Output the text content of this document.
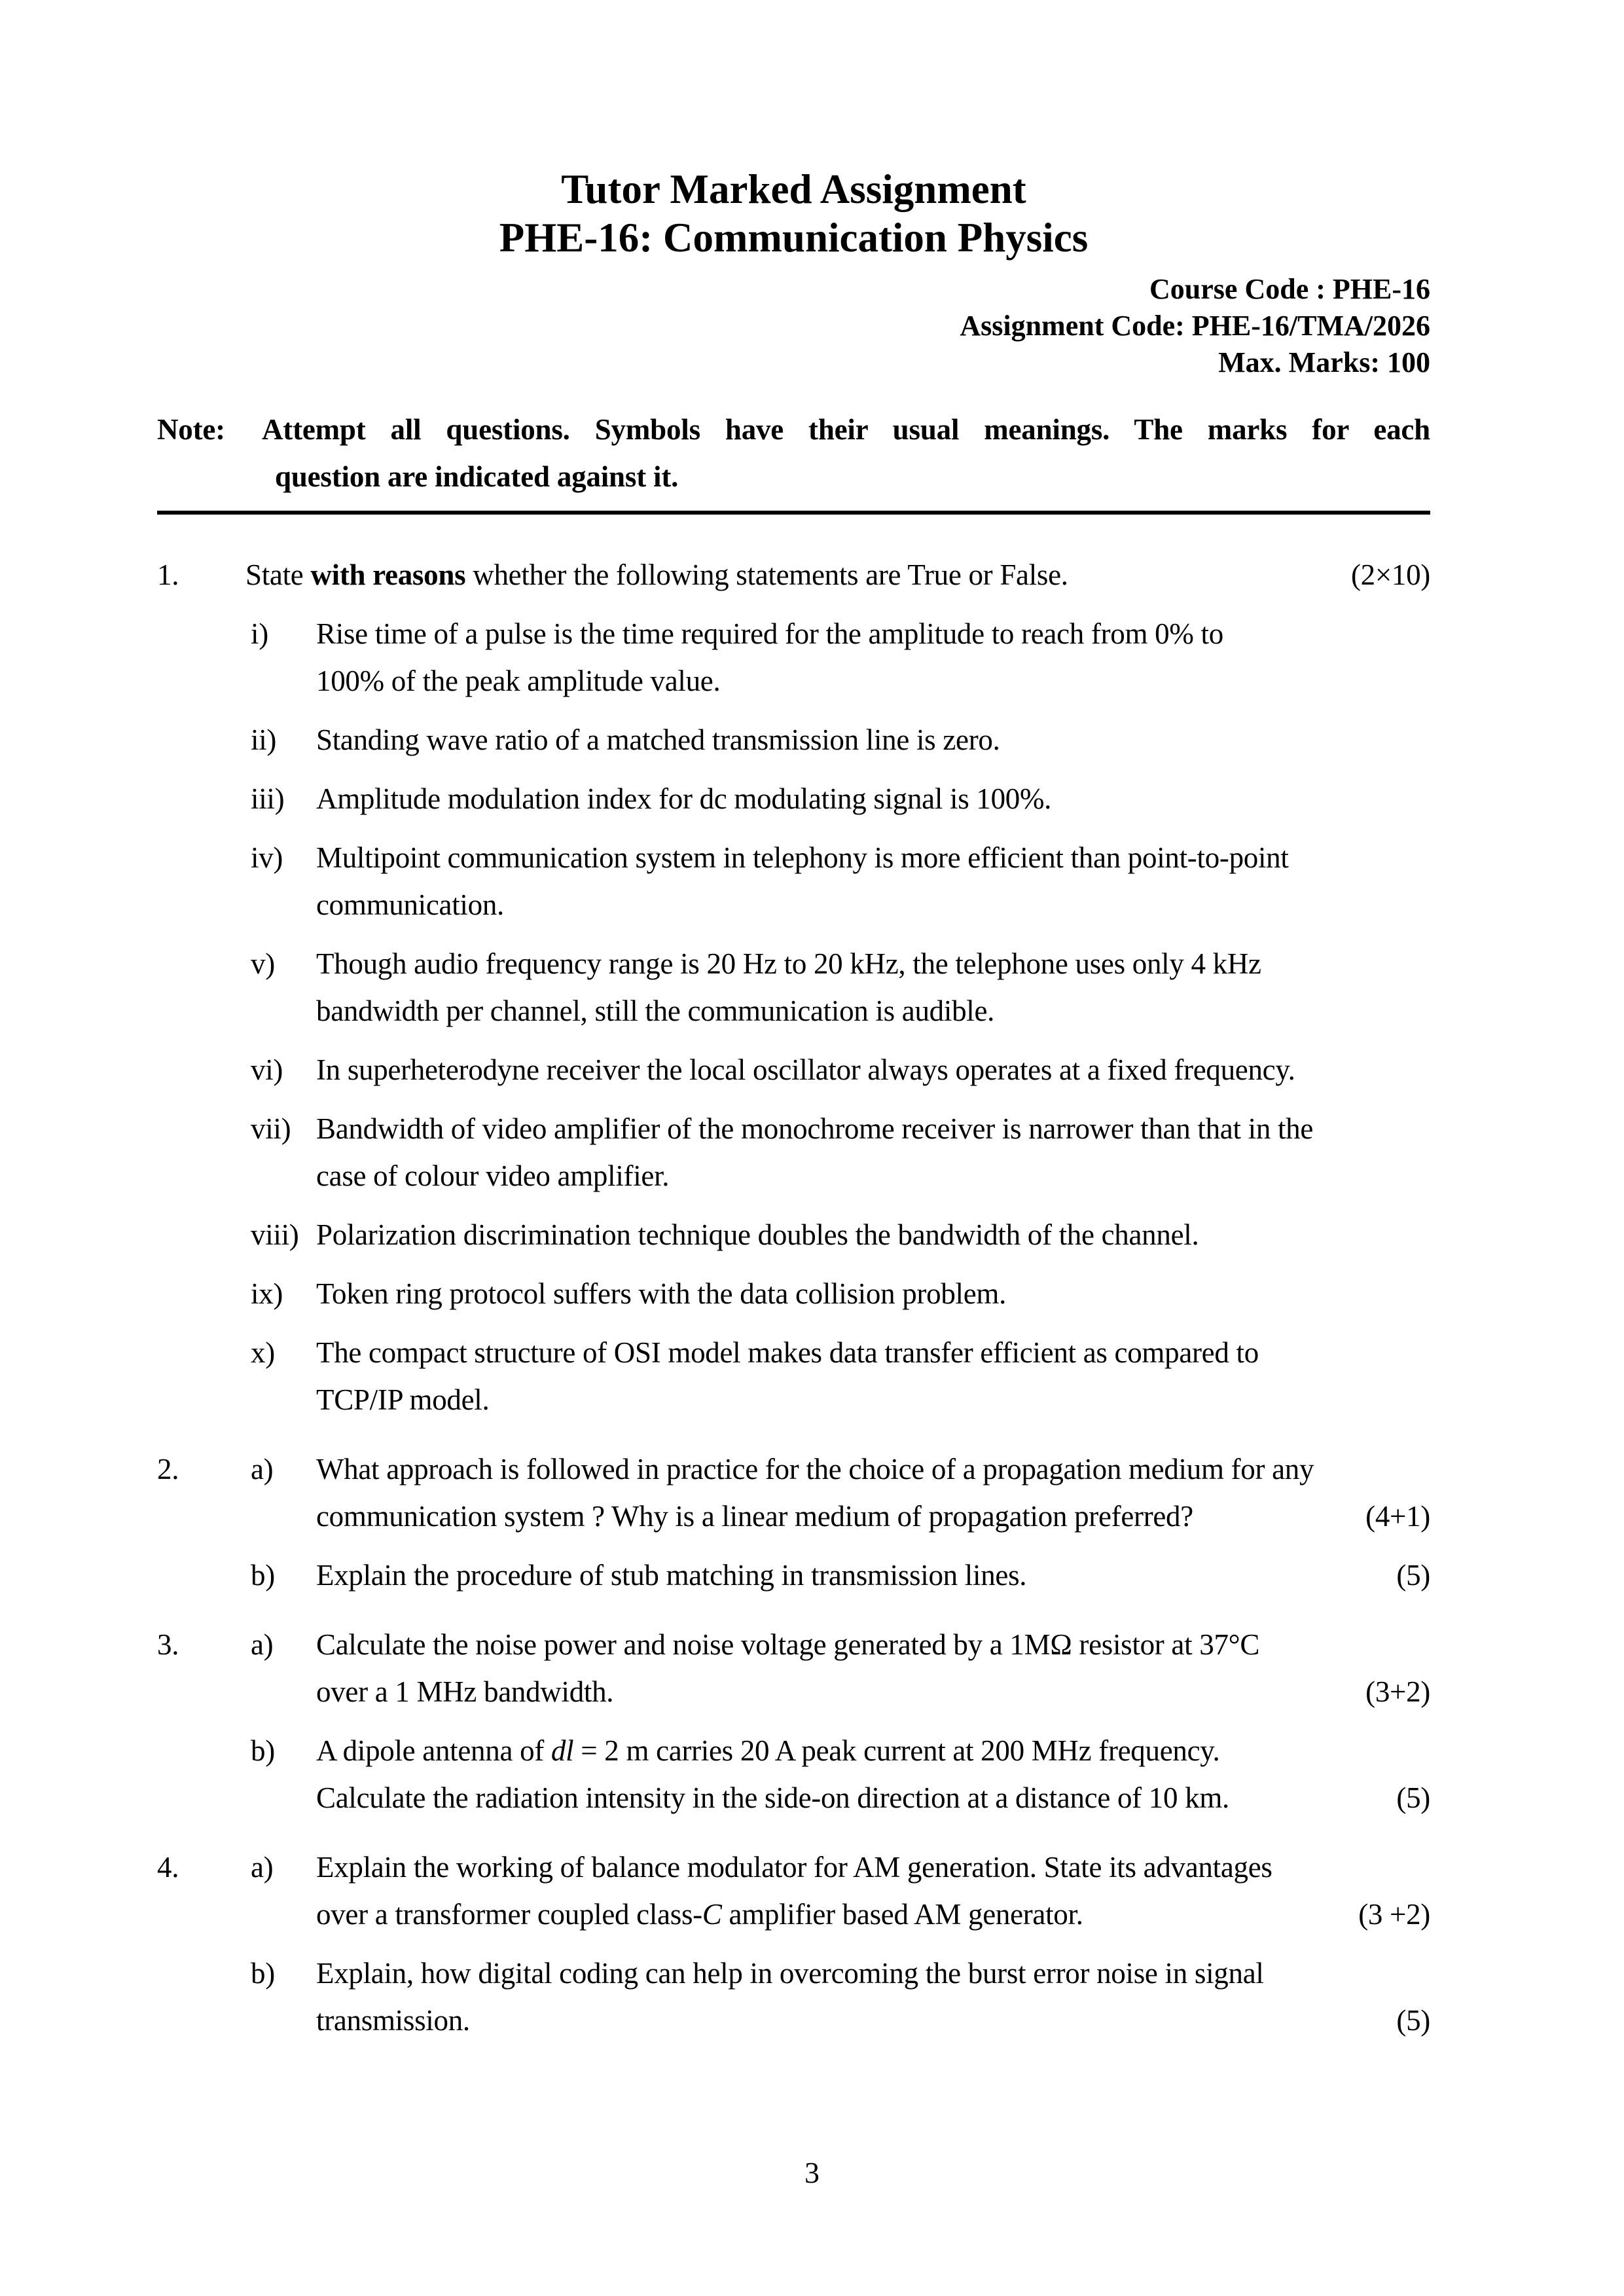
Tutor Marked Assignment
PHE-16: Communication Physics
Course Code : PHE-16
Assignment Code: PHE-16/TMA/2026
Max. Marks: 100
Note:	Attempt all questions. Symbols have their usual meanings. The marks for each
question are indicated against it.
1.	State with reasons whether the following statements are True or False.	(2×10)
i)	Rise time of a pulse is the time required for the amplitude to reach from 0% to
100% of the peak amplitude value.
ii)	Standing wave ratio of a matched transmission line is zero.
iii)	Amplitude modulation index for dc modulating signal is 100%.
iv)	Multipoint communication system in telephony is more efficient than point-to-point
communication.
v)	Though audio frequency range is 20 Hz to 20 kHz, the telephone uses only 4 kHz
bandwidth per channel, still the communication is audible.
vi)	In superheterodyne receiver the local oscillator always operates at a fixed frequency.
vii) Bandwidth of video amplifier of the monochrome receiver is narrower than that in the
case of colour video amplifier.
viii) Polarization discrimination technique doubles the bandwidth of the channel.
ix)	Token ring protocol suffers with the data collision problem.
x)	The compact structure of OSI model makes data transfer efficient as compared to
TCP/IP model.
2.	a)	What approach is followed in practice for the choice of a propagation medium for any
communication system ? Why is a linear medium of propagation preferred?	(4+1)
b)	Explain the procedure of stub matching in transmission lines.	(5)
3.	a)	Calculate the noise power and noise voltage generated by a 1MΩ resistor at 37°C
over a 1 MHz bandwidth.	(3+2)
b)	A dipole antenna of dl = 2 m carries 20 A peak current at 200 MHz frequency.
Calculate the radiation intensity in the side-on direction at a distance of 10 km.	(5)
4.	a)	Explain the working of balance modulator for AM generation. State its advantages
over a transformer coupled class-C amplifier based AM generator.	(3 +2)
b)	Explain, how digital coding can help in overcoming the burst error noise in signal
transmission.	(5)
3
